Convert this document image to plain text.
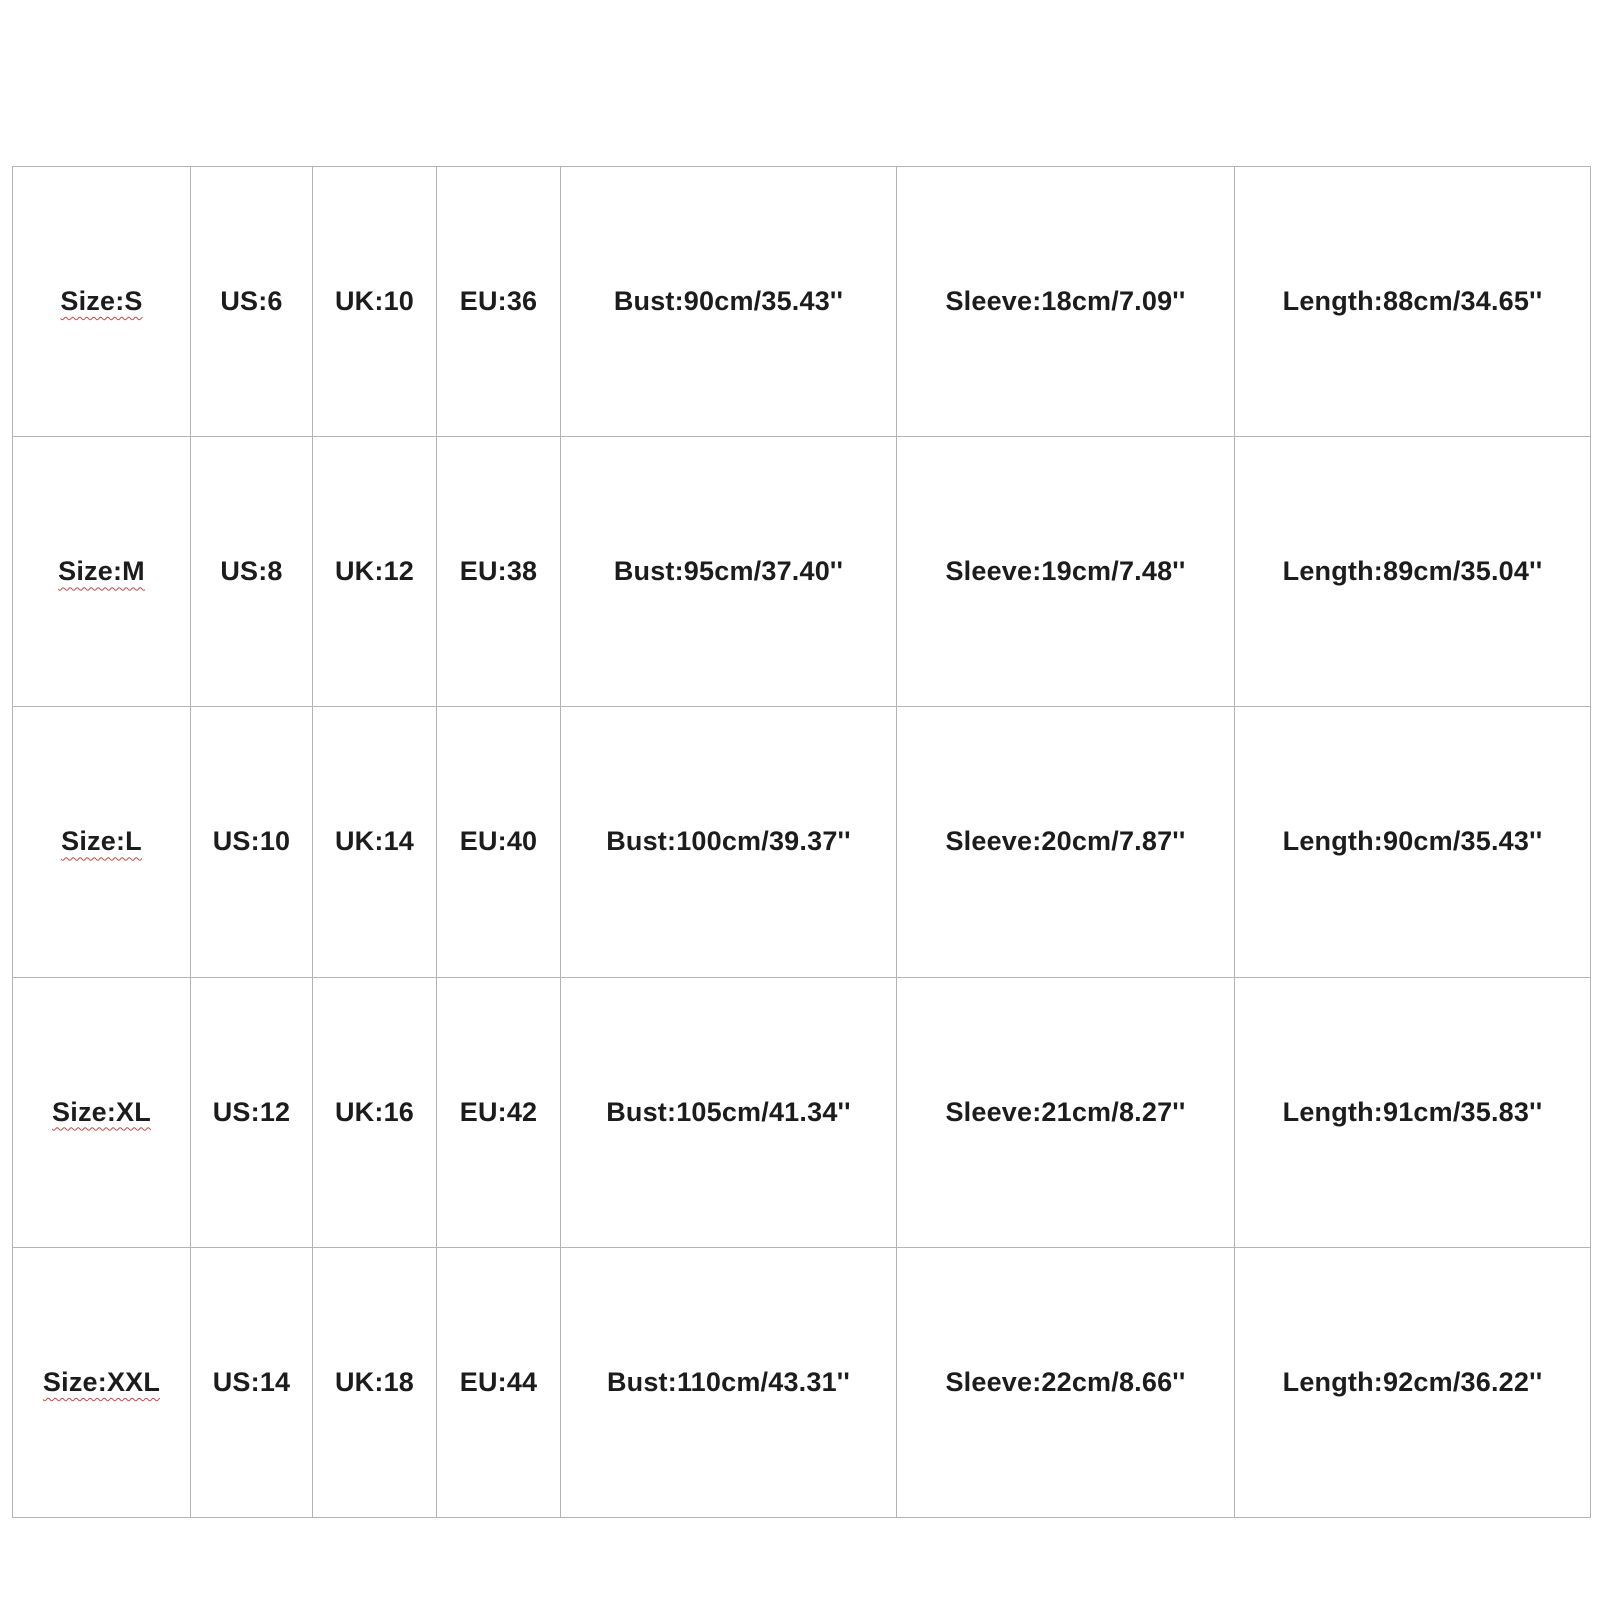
Size:S	US:6	UK:10	EU:36	Bust:90cm/35.43''	Sleeve:18cm/7.09''	Length:88cm/34.65''
Size:M	US:8	UK:12	EU:38	Bust:95cm/37.40''	Sleeve:19cm/7.48''	Length:89cm/35.04''
Size:L	US:10	UK:14	EU:40	Bust:100cm/39.37''	Sleeve:20cm/7.87''	Length:90cm/35.43''
Size:XL	US:12	UK:16	EU:42	Bust:105cm/41.34''	Sleeve:21cm/8.27''	Length:91cm/35.83''
Size:XXL	US:14	UK:18	EU:44	Bust:110cm/43.31''	Sleeve:22cm/8.66''	Length:92cm/36.22''
